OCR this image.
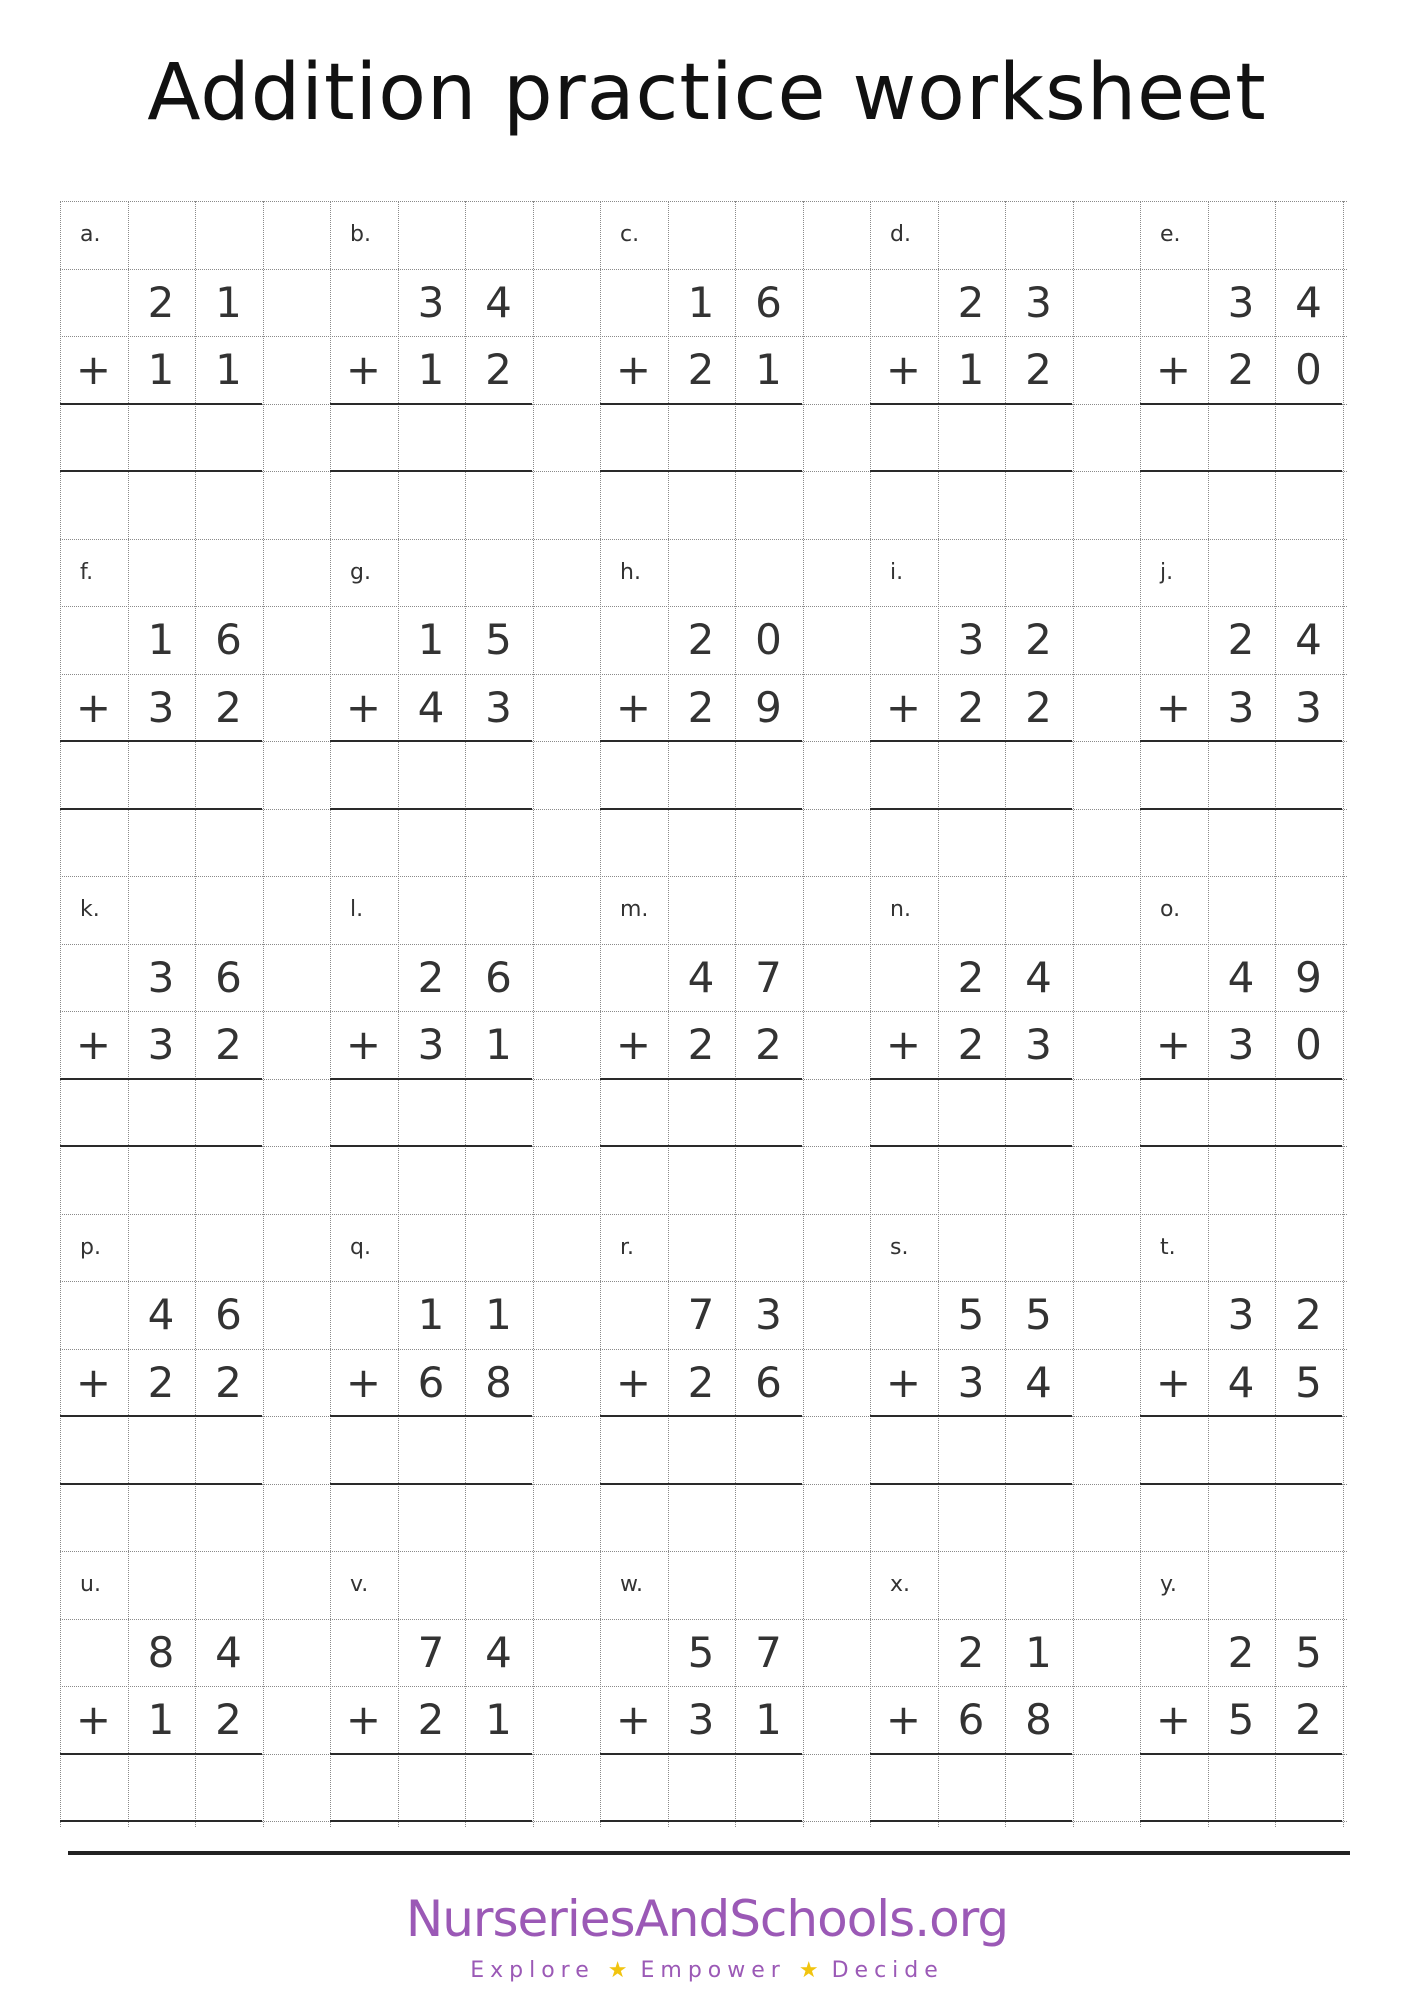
Addition practice worksheet
a.
2 1
+ 1 1
b.
3 4
+ 1 2
c.
1 6
+ 2 1
d.
2 3
+ 1 2
e.
3 4
+ 2 0
f.
1 6
+ 3 2
g.
1 5
+ 4 3
h.
2 0
+ 2 9
i.
3 2
+ 2 2
j.
2 4
+ 3 3
k.
3 6
+ 3 2
l.
2 6
+ 3 1
m.
4 7
+ 2 2
n.
2 4
+ 2 3
o.
4 9
+ 3 0
p.
4 6
+ 2 2
q.
1 1
+ 6 8
r.
7 3
+ 2 6
s.
5 5
+ 3 4
t.
3 2
+ 4 5
u.
8 4
+ 1 2
v.
7 4
+ 2 1
w.
5 7
+ 3 1
x.
2 1
+ 6 8
y.
2 5
+ 5 2
NurseriesAndSchools.org
Explore ★ Empower ★ Decide
